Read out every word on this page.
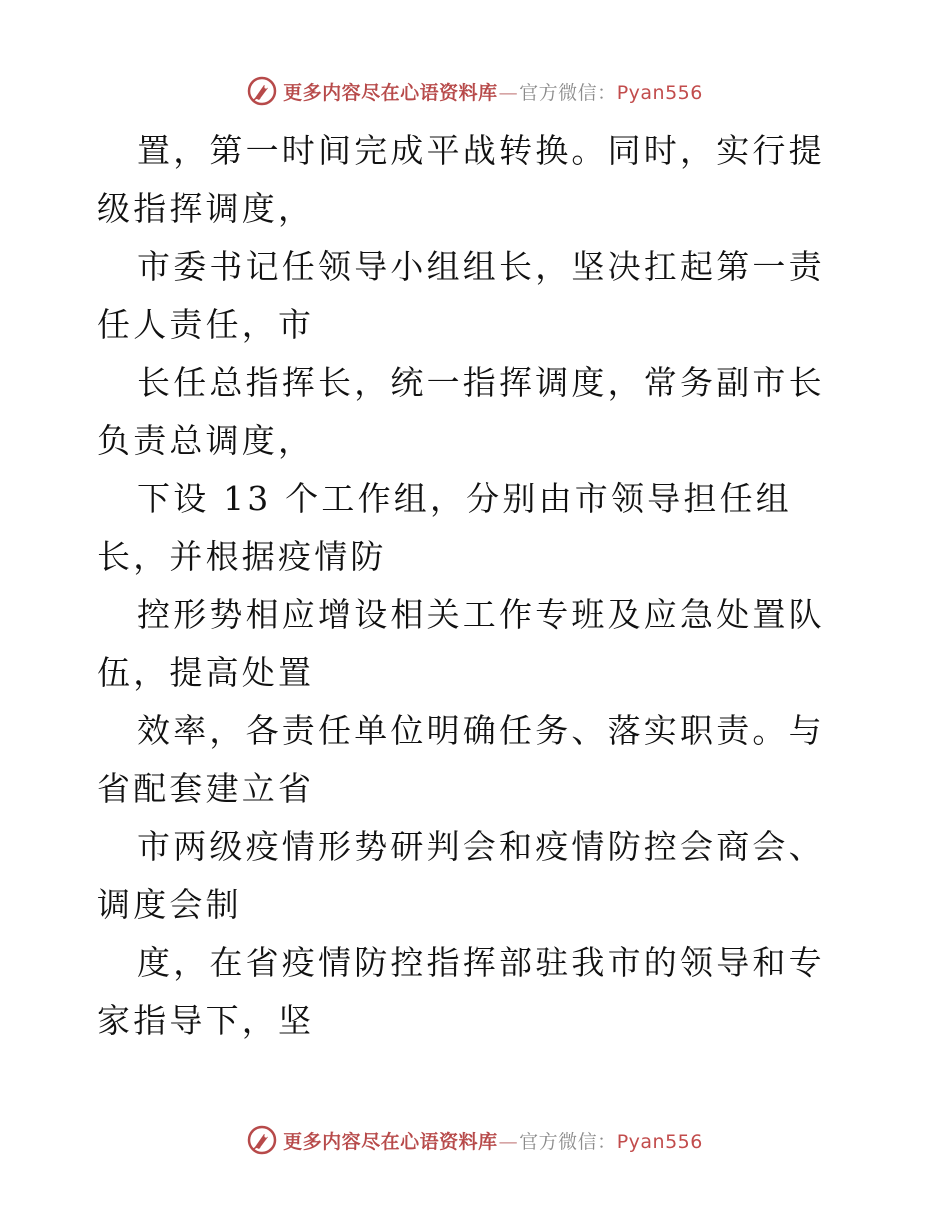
更多内容尽在心语资料库—官方微信：Pyan556

置，第一时间完成平战转换。同时，实行提级指挥调度，

市委书记任领导小组组长，坚决扛起第一责任人责任，市

长任总指挥长，统一指挥调度，常务副市长负责总调度，

下设 13 个工作组，分别由市领导担任组长，并根据疫情防

控形势相应增设相关工作专班及应急处置队伍，提高处置

效率，各责任单位明确任务、落实职责。与省配套建立省

市两级疫情形势研判会和疫情防控会商会、调度会制

度，在省疫情防控指挥部驻我市的领导和专家指导下，坚

更多内容尽在心语资料库—官方微信：Pyan556
